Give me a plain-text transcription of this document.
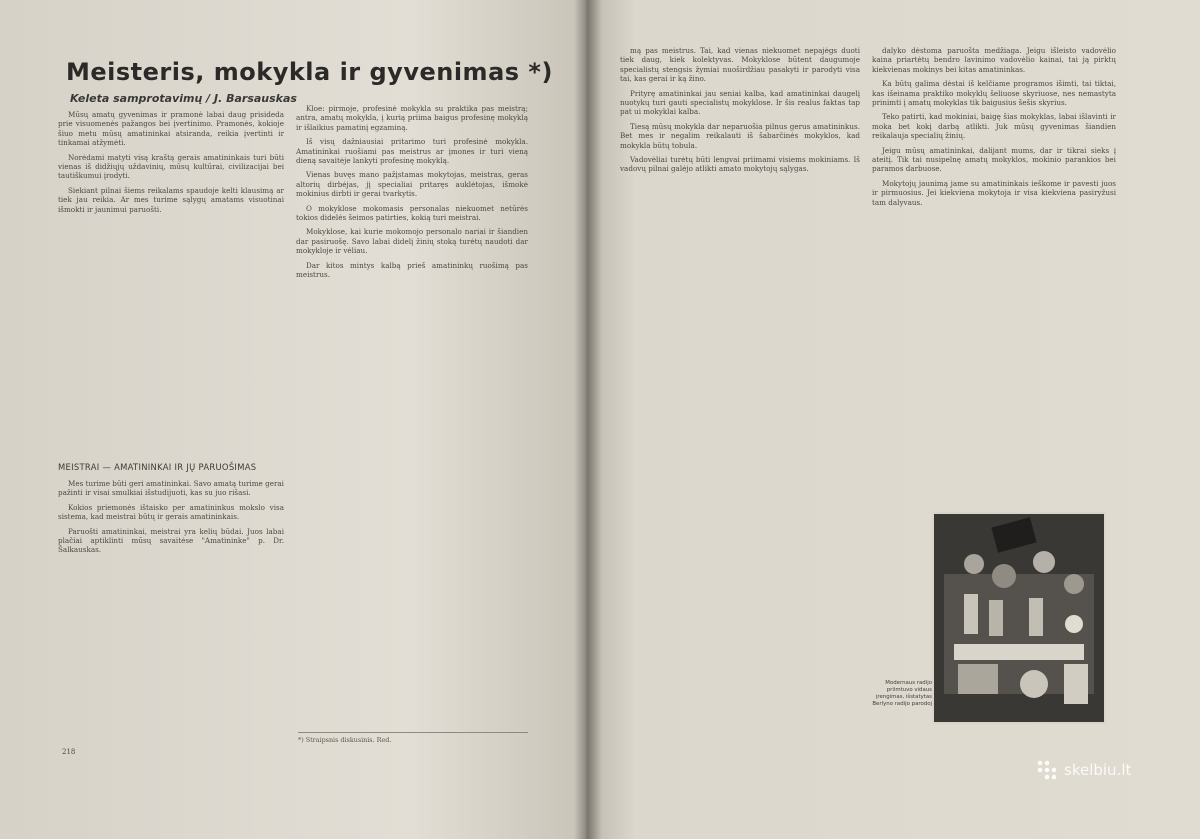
Meisteris, mokykla ir gyvenimas *)
Keleta samprotavimų / J. Barsauskas

Mūsų amatų gyvenimas ir pramonė labai daug prisideda prie visuomenės pažangos bei įvertinimo. Pramonės, kokioje šiuo metu mūsų amatininkai atsiranda, reikia įvertinti ir tinkamai atžymėti.

Norėdami matyti visą kraštą gerais amatininkais turi būti vienas iš didžiųjų uždavinių, mūsų kultūrai, civilizacijai bei tautiškumui įrodyti.

Siekiant pilnai šiems reikalams spaudoje kelti klausimą ar tiek jau reikia. Ar mes turime sąlygų amatams visuotinai išmokti ir jaunimui paruošti.

MEISTRAI — AMATININKAI IR JŲ PARUOŠIMAS

Mes turime būti geri amatininkai. Savo amatą turime gerai pažinti ir visai smulkiai išstudijuoti, kas su juo rišasi.

Kokios priemonės ištaisko per amatininkus mokslo visa sistema, kad meistrai būtų ir gerais amatininkais.

Paruošti amatininkai, meistrai yra kelių būdai. Juos labai plačiai aptiklinti mūsų savaitėse "Amatininke" p. Dr. Šalkauskas.

Kloe: pirmoje, profesinė mokykla su praktika pas meistrą; antra, amatų mokykla, į kurią priima baigus profesinę mokyklą ir išlaikius pamatinį egzaminą.

Iš visų dažniausiai pritarimo turi profesinė mokykla. Amatininkai ruošiami pas meistrus ar įmones ir turi vieną dieną savaitėje lankyti profesinę mokyklą.

Vienas buvęs mano pažįstamas mokytojas, meistras, geras altorių dirbėjas, jį specialiai pritaręs auklėtojas, išmokė mokinius dirbti ir gerai tvarkytis.

O mokyklose mokomasis personalas niekuomet netūrės tokios didelės šeimos patirties, kokią turi meistrai.

Mokyklose, kai kurie mokomojo personalo nariai ir šiandien dar pasiruošę. Savo labai didelį žinių stoką turėtų naudoti dar mokykloje ir vėliau.

Dar kitos mintys kalbą prieš amatininkų ruošimą pas meistrus.

*) Straipsnis diskusinis. Red.
218

mą pas meistrus. Tai, kad vienas niekuomet nepajėgs duoti tiek daug, kiek kolektyvas. Mokyklose būtent daugumoje specialistų stengsis žymiai nuoširdžiau pasakyti ir parodyti visa tai, kas gerai ir ką žino.

Prityrę amatininkai jau seniai kalba, kad amatininkai daugelį nuotykų turi gauti specialistų mokyklose. Ir šis realus faktas tap pat ui mokyklai kalba.

Tiesą mūsų mokykla dar neparuošia pilnus gerus amatininkus. Bet mes ir negalim reikalauti iš šabarčinės mokyklos, kad mokykla būtų tobula.

Vadovėliai turėtų būti lengvai priimami visiems mokiniams. Iš vadovų pilnai galėjo atlikti amato mokytojų sąlygas.

dalyko dėstoma paruošta medžiaga. Jeigu išleisto vadovėlio kaina priartėtų bendro lavinimo vadovėlio kainai, tai ją pirktų kiekvienas mokinys bei kitas amatininkas.

Ka būtų galima dėstai iš kelčiame programos išimti, tai tiktai, kas išeinama praktiko mokyklų šeliuose skyriuose, nes nemastyta prinimti į amatų mokyklas tik baigusius šešis skyrius.

Teko patirti, kad mokiniai, baigę šias mokyklas, labai išlavinti ir moka bet kokį darbą atlikti. Juk mūsų gyvenimas šiandien reikalauja specialių žinių.

Jeigu mūsų amatininkai, dalijant mums, dar ir tikrai sieks į ateitį. Tik tai nusipelnę amatų mokyklos, mokinio parankios bei paramos darbuose.

Mokytojų jaunimą jame su amatininkais ieškome ir pavesti juos ir pirmuosius. Jei kiekviena mokytoja ir visa kiekviena pasiryžusi tam dalyvaus.

Modernaus radijo priimtuvo vidaus įrengimas, išstatytas Berlyno radijo parodoj
skelbiu.lt
